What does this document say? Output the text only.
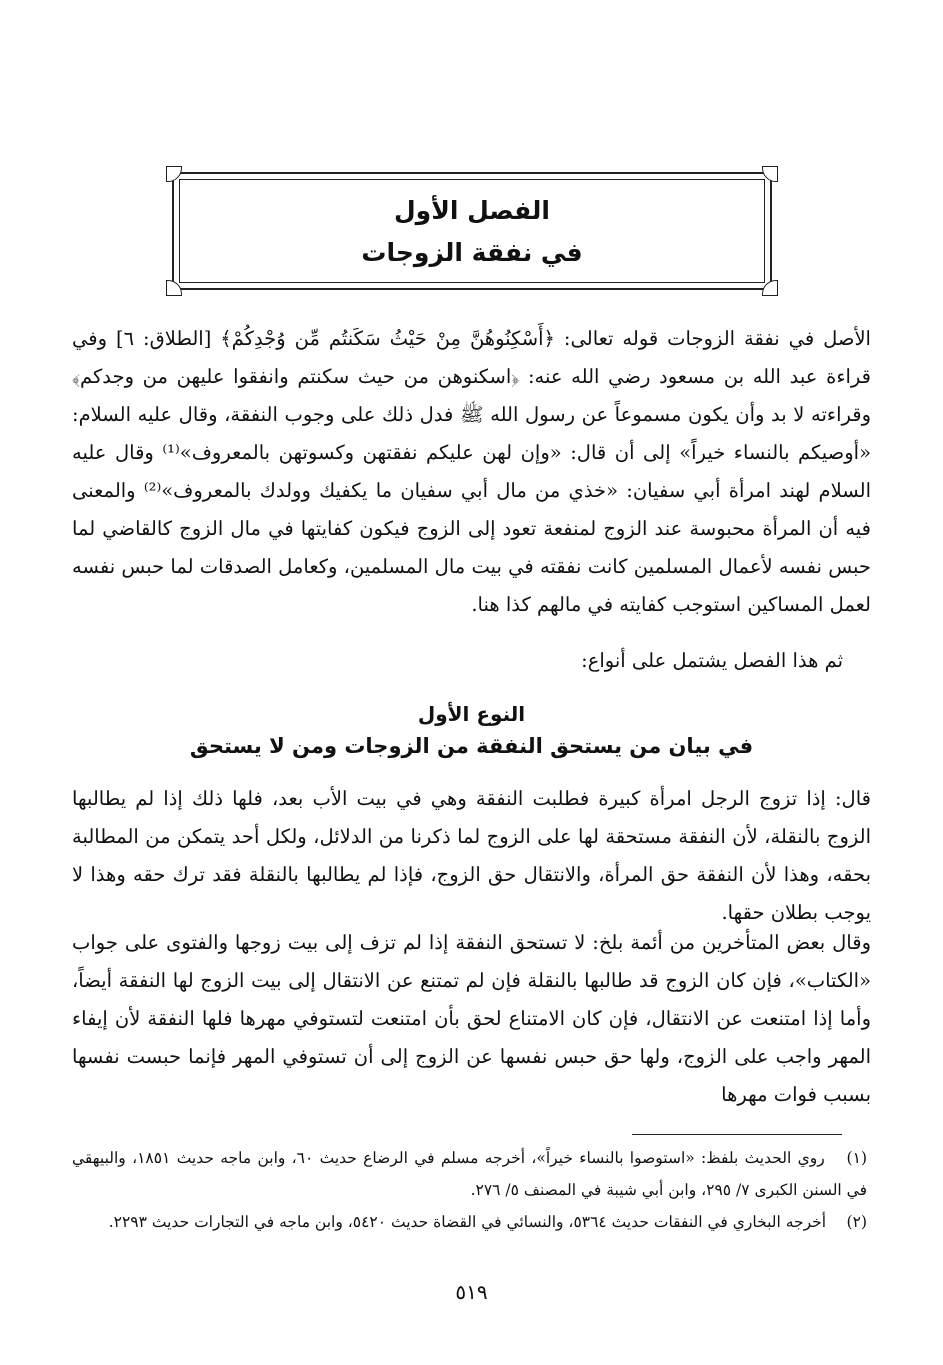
الفصل الأول
في نفقة الزوجات
الأصل في نفقة الزوجات قوله تعالى: ﴿أَسْكِنُوهُنَّ مِنْ حَيْثُ سَكَنتُم مِّن وُجْدِكُمْ﴾ [الطلاق: ٦] وفي قراءة عبد الله بن مسعود رضي الله عنه: ﴿اسكنوهن من حيث سكنتم وانفقوا عليهن من وجدكم﴾ وقراءته لا بد وأن يكون مسموعاً عن رسول الله ﷺ فدل ذلك على وجوب النفقة، وقال عليه السلام: «أوصيكم بالنساء خيراً» إلى أن قال: «وإن لهن عليكم نفقتهن وكسوتهن بالمعروف»⁽¹⁾ وقال عليه السلام لهند امرأة أبي سفيان: «خذي من مال أبي سفيان ما يكفيك وولدك بالمعروف»⁽²⁾ والمعنى فيه أن المرأة محبوسة عند الزوج لمنفعة تعود إلى الزوج فيكون كفايتها في مال الزوج كالقاضي لما حبس نفسه لأعمال المسلمين كانت نفقته في بيت مال المسلمين، وكعامل الصدقات لما حبس نفسه لعمل المساكين استوجب كفايته في مالهم كذا هنا.
ثم هذا الفصل يشتمل على أنواع:
النوع الأول
في بيان من يستحق النفقة من الزوجات ومن لا يستحق
قال: إذا تزوج الرجل امرأة كبيرة فطلبت النفقة وهي في بيت الأب بعد، فلها ذلك إذا لم يطالبها الزوج بالنقلة، لأن النفقة مستحقة لها على الزوج لما ذكرنا من الدلائل، ولكل أحد يتمكن من المطالبة بحقه، وهذا لأن النفقة حق المرأة، والانتقال حق الزوج، فإذا لم يطالبها بالنقلة فقد ترك حقه وهذا لا يوجب بطلان حقها.
وقال بعض المتأخرين من أئمة بلخ: لا تستحق النفقة إذا لم تزف إلى بيت زوجها والفتوى على جواب «الكتاب»، فإن كان الزوج قد طالبها بالنقلة فإن لم تمتنع عن الانتقال إلى بيت الزوج لها النفقة أيضاً، وأما إذا امتنعت عن الانتقال، فإن كان الامتناع لحق بأن امتنعت لتستوفي مهرها فلها النفقة لأن إيفاء المهر واجب على الزوج، ولها حق حبس نفسها عن الزوج إلى أن تستوفي المهر فإنما حبست نفسها بسبب فوات مهرها
(١) روي الحديث بلفظ: «استوصوا بالنساء خيراً»، أخرجه مسلم في الرضاع حديث ٦٠، وابن ماجه حديث ١٨٥١، والبيهقي في السنن الكبرى ٧/ ٢٩٥، وابن أبي شيبة في المصنف ٥/ ٢٧٦.
(٢) أخرجه البخاري في النفقات حديث ٥٣٦٤، والنسائي في القضاة حديث ٥٤٢٠، وابن ماجه في التجارات حديث ٢٢٩٣.
٥١٩
